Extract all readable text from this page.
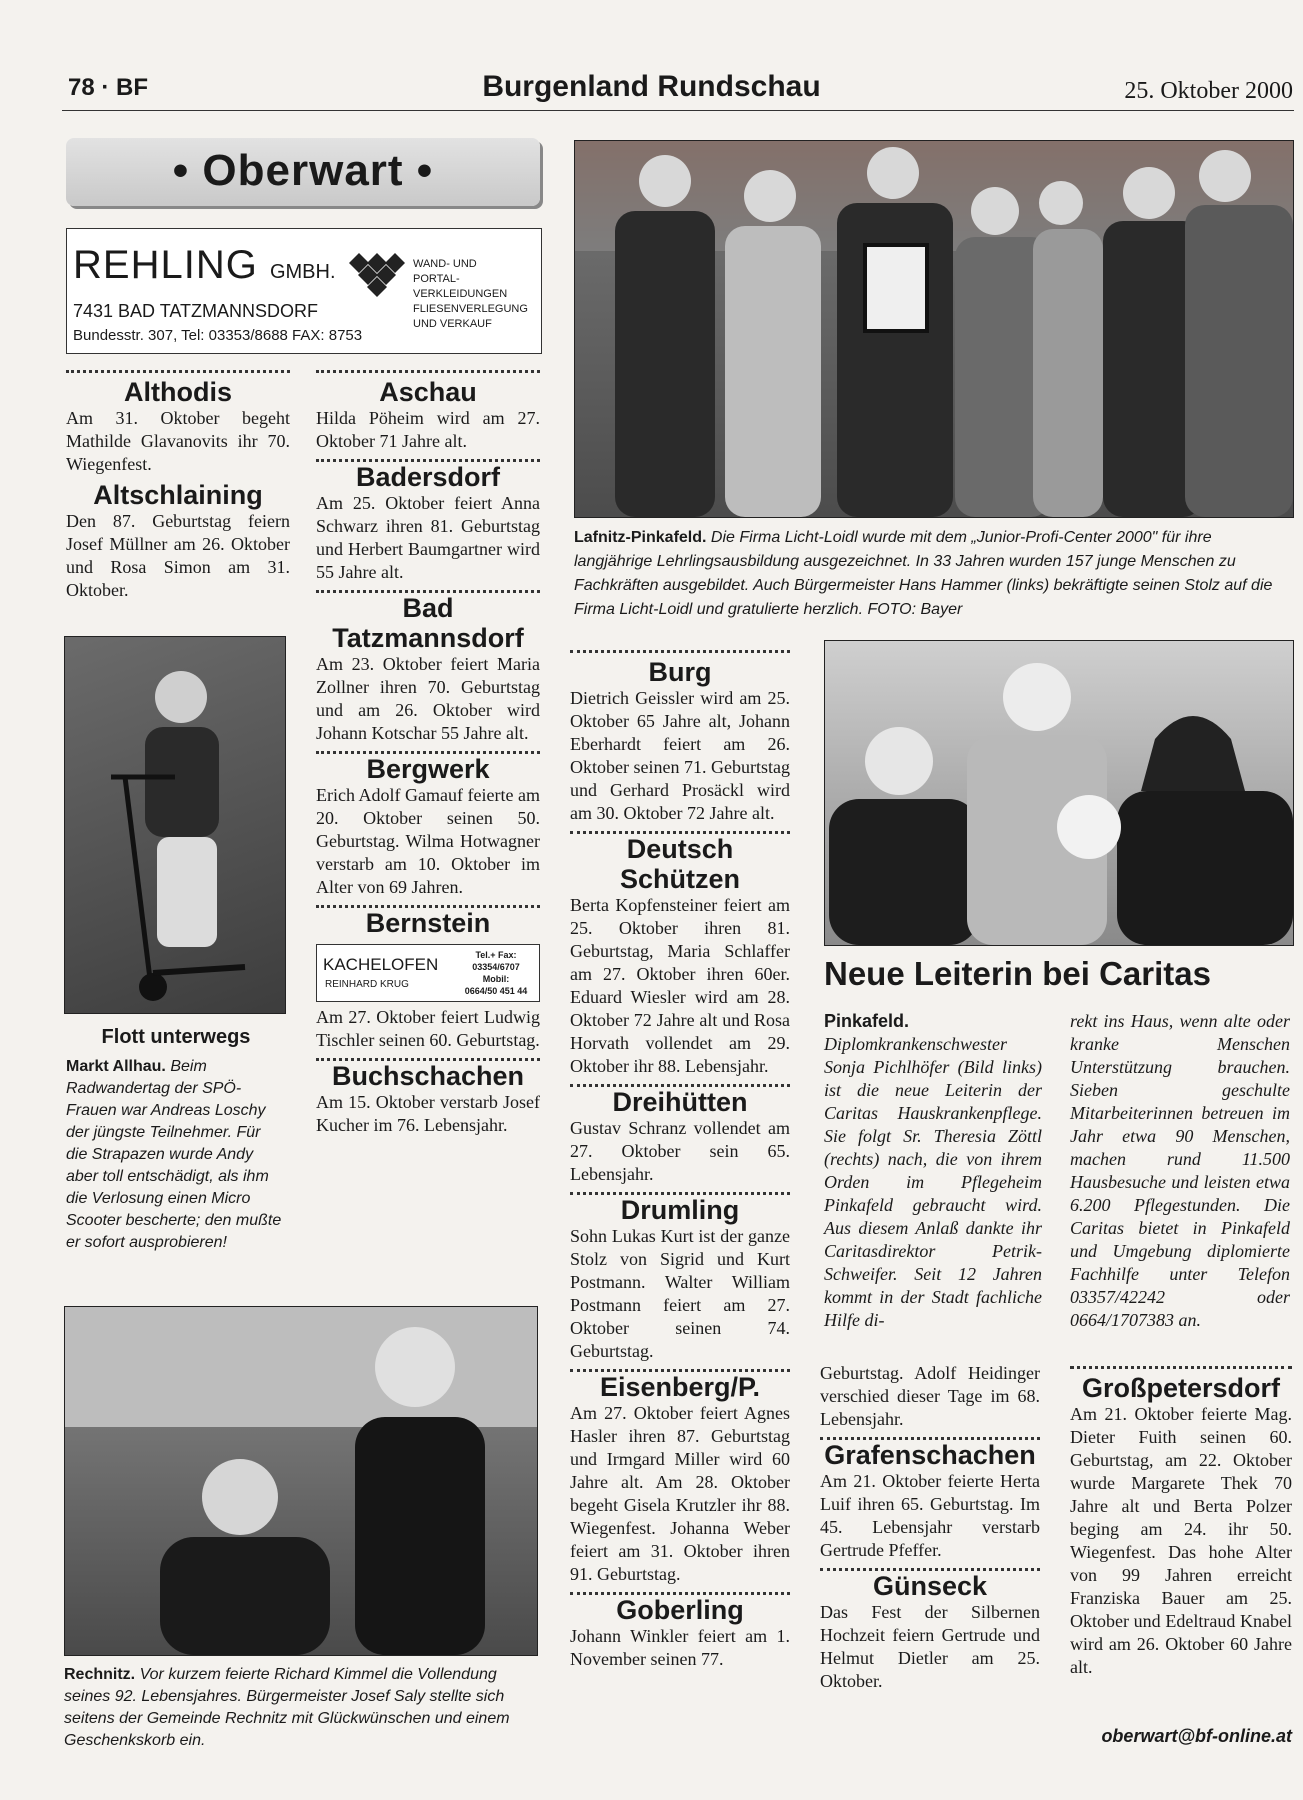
78 · BF	Burgenland Rundschau	25. Oktober 2000
• Oberwart •
REHLING GMBH.	WAND- UND
PORTAL-
VERKLEIDUNGEN
FLIESENVERLEGUNG
UND VERKAUF
7431 BAD TATZMANNSDORF
Bundesstr. 307, Tel: 03353/8688 FAX: 8753
Althodis
Am 31. Oktober begeht Mathilde Glavanovits ihr 70. Wiegenfest.
Altschlaining
Den 87. Geburtstag feiern Josef Müllner am 26. Oktober und Rosa Simon am 31. Oktober.
Flott unterwegs
Markt Allhau. Beim Radwandertag der SPÖ-Frauen war Andreas Loschy der jüngste Teilnehmer. Für die Strapazen wurde Andy aber toll entschädigt, als ihm die Verlosung einen Micro Scooter bescherte; den mußte er sofort ausprobieren!
Rechnitz. Vor kurzem feierte Richard Kimmel die Vollendung seines 92. Lebensjahres. Bürgermeister Josef Saly stellte sich seitens der Gemeinde Rechnitz mit Glückwünschen und einem Geschenkskorb ein.
Aschau
Hilda Pöheim wird am 27. Oktober 71 Jahre alt.
Badersdorf
Am 25. Oktober feiert Anna Schwarz ihren 81. Geburtstag und Herbert Baumgartner wird 55 Jahre alt.
Bad Tatzmannsdorf
Am 23. Oktober feiert Maria Zollner ihren 70. Geburtstag und am 26. Oktober wird Johann Kotschar 55 Jahre alt.
Bergwerk
Erich Adolf Gamauf feierte am 20. Oktober seinen 50. Geburtstag. Wilma Hotwagner verstarb am 10. Oktober im Alter von 69 Jahren.
Bernstein
KACHELOFEN
REINHARD KRUG
Tel.+ Fax:
03354/6707
Mobil:
0664/50 451 44
Am 27. Oktober feiert Ludwig Tischler seinen 60. Geburtstag.
Buchschachen
Am 15. Oktober verstarb Josef Kucher im 76. Lebensjahr.
Lafnitz-Pinkafeld. Die Firma Licht-Loidl wurde mit dem „Junior-Profi-Center 2000" für ihre langjährige Lehrlingsausbildung ausgezeichnet. In 33 Jahren wurden 157 junge Menschen zu Fachkräften ausgebildet. Auch Bürgermeister Hans Hammer (links) bekräftigte seinen Stolz auf die Firma Licht-Loidl und gratulierte herzlich. FOTO: Bayer
Burg
Dietrich Geissler wird am 25. Oktober 65 Jahre alt, Johann Eberhardt feiert am 26. Oktober seinen 71. Geburtstag und Gerhard Prosäckl wird am 30. Oktober 72 Jahre alt.
Deutsch Schützen
Berta Kopfensteiner feiert am 25. Oktober ihren 81. Geburtstag, Maria Schlaffer am 27. Oktober ihren 60er. Eduard Wiesler wird am 28. Oktober 72 Jahre alt und Rosa Horvath vollendet am 29. Oktober ihr 88. Lebensjahr.
Dreihütten
Gustav Schranz vollendet am 27. Oktober sein 65. Lebensjahr.
Drumling
Sohn Lukas Kurt ist der ganze Stolz von Sigrid und Kurt Postmann. Walter William Postmann feiert am 27. Oktober seinen 74. Geburtstag.
Eisenberg/P.
Am 27. Oktober feiert Agnes Hasler ihren 87. Geburtstag und Irmgard Miller wird 60 Jahre alt. Am 28. Oktober begeht Gisela Krutzler ihr 88. Wiegenfest. Johanna Weber feiert am 31. Oktober ihren 91. Geburtstag.
Goberling
Johann Winkler feiert am 1. November seinen 77.
Neue Leiterin bei Caritas
Pinkafeld. Diplomkrankenschwester Sonja Pichlhöfer (Bild links) ist die neue Leiterin der Caritas Hauskrankenpflege. Sie folgt Sr. Theresia Zöttl (rechts) nach, die von ihrem Orden im Pflegeheim Pinkafeld gebraucht wird. Aus diesem Anlaß dankte ihr Caritasdirektor Petrik-Schweifer. Seit 12 Jahren kommt in der Stadt fachliche Hilfe di-
rekt ins Haus, wenn alte oder kranke Menschen Unterstützung brauchen. Sieben geschulte Mitarbeiterinnen betreuen im Jahr etwa 90 Menschen, machen rund 11.500 Hausbesuche und leisten etwa 6.200 Pflegestunden. Die Caritas bietet in Pinkafeld und Umgebung diplomierte Fachhilfe unter Telefon 03357/42242 oder 0664/1707383 an.
Geburtstag. Adolf Heidinger verschied dieser Tage im 68. Lebensjahr.
Grafenschachen
Am 21. Oktober feierte Herta Luif ihren 65. Geburtstag. Im 45. Lebensjahr verstarb Gertrude Pfeffer.
Günseck
Das Fest der Silbernen Hochzeit feiern Gertrude und Helmut Dietler am 25. Oktober.
Großpetersdorf
Am 21. Oktober feierte Mag. Dieter Fuith seinen 60. Geburtstag, am 22. Oktober wurde Margarete Thek 70 Jahre alt und Berta Polzer beging am 24. ihr 50. Wiegenfest. Das hohe Alter von 99 Jahren erreicht Franziska Bauer am 25. Oktober und Edeltraud Knabel wird am 26. Oktober 60 Jahre alt.
oberwart@bf-online.at
